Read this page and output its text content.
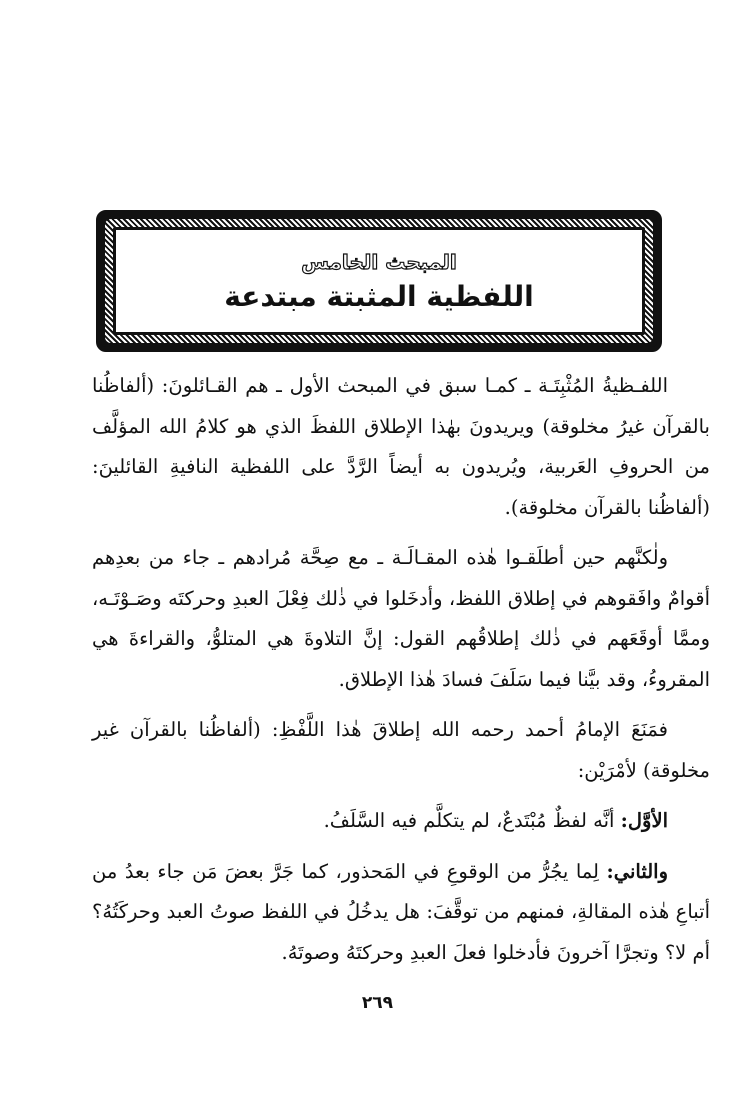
المبحث الخامس
اللفظية المثبتة مبتدعة

اللفـظيةُ المُثْبِتَـة ـ كمـا سبق في المبحث الأول ـ هم القـائلونَ: (ألفاظُنا بالقرآن غيرُ مخلوقة) ويريدونَ بهٰذا الإطلاق اللفظَ الذي هو كلامُ الله المؤلَّف من الحروفِ العَربية، ويُريدون به أيضاً الرَّدَّ على اللفظية النافيةِ القائلينَ: (ألفاظُنا بالقرآن مخلوقة).

ولٰكنَّهم حين أطلَقـوا هٰذه المقـالَـة ـ مع صِحَّة مُرادهم ـ جاء من بعدِهم أقوامٌ وافَقوهم في إطلاق اللفظ، وأدخَلوا في ذٰلك فِعْلَ العبدِ وحركتَه وصَـوْتَـه، وممَّا أوقَعَهم في ذٰلك إطلاقُهم القول: إنَّ التلاوةَ هي المتلوُّ، والقراءةَ هي المقروءُ، وقد بيَّنا فيما سَلَفَ فسادَ هٰذا الإطلاق.

فمَنَعَ الإمامُ أحمد رحمه الله إطلاقَ هٰذا اللَّفْظِ: (ألفاظُنا بالقرآن غير مخلوقة) لأمْرَيْن:

الأوَّل: أنَّه لفظٌ مُبْتَدعٌ، لم يتكلَّم فيه السَّلَفُ.

والثاني: لِما يجُرُّ من الوقوعِ في المَحذور، كما جَرَّ بعضَ مَن جاء بعدُ من أتباعِ هٰذه المقالةِ، فمنهم من توقَّفَ: هل يدخُلُ في اللفظ صوتُ العبد وحركَتُهُ؟ أم لا؟ وتجرَّا آخرونَ فأدخلوا فعلَ العبدِ وحركتَهُ وصوتَهُ.

٢٦٩
